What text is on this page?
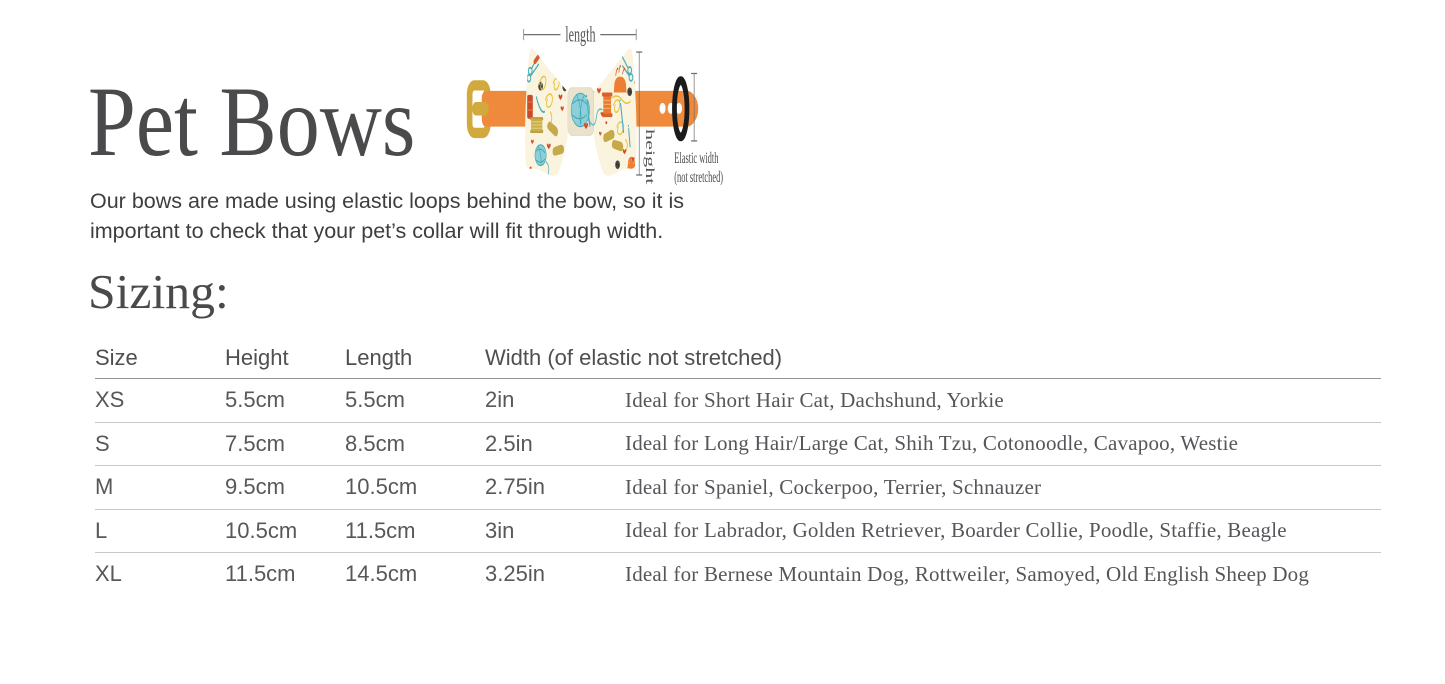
Pet Bows
Our bows are made using elastic loops behind the bow, so it is
important to check that your pet’s collar will fit through width.
length
height Elastic width
(not stretched)
Sizing:
Size	Height	Length	Width (of elastic not stretched)
XS	5.5cm	5.5cm	2in	Ideal for Short Hair Cat, Dachshund, Yorkie
S	7.5cm	8.5cm	2.5in	Ideal for Long Hair/Large Cat, Shih Tzu, Cotonoodle, Cavapoo, Westie
M	9.5cm	10.5cm	2.75in	Ideal for Spaniel, Cockerpoo, Terrier, Schnauzer
L	10.5cm	11.5cm	3in	Ideal for Labrador, Golden Retriever, Boarder Collie, Poodle, Staffie, Beagle
XL	11.5cm	14.5cm	3.25in	Ideal for Bernese Mountain Dog, Rottweiler, Samoyed, Old English Sheep Dog
